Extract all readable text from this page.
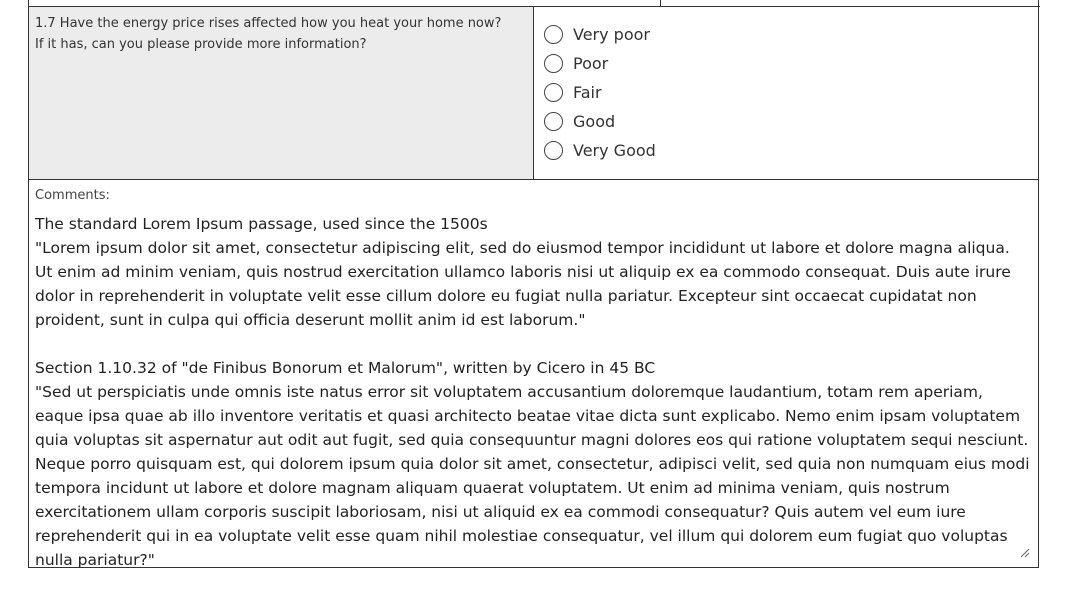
1.7 Have the energy price rises affected how you heat your home now?
If it has, can you please provide more information?
Very poor
Poor
Fair
Good
Very Good
Comments:
The standard Lorem Ipsum passage, used since the 1500s
"Lorem ipsum dolor sit amet, consectetur adipiscing elit, sed do eiusmod tempor incididunt ut labore et dolore magna aliqua. Ut enim ad minim veniam, quis nostrud exercitation ullamco laboris nisi ut aliquip ex ea commodo consequat. Duis aute irure dolor in reprehenderit in voluptate velit esse cillum dolore eu fugiat nulla pariatur. Excepteur sint occaecat cupidatat non proident, sunt in culpa qui officia deserunt mollit anim id est laborum."

Section 1.10.32 of "de Finibus Bonorum et Malorum", written by Cicero in 45 BC
"Sed ut perspiciatis unde omnis iste natus error sit voluptatem accusantium doloremque laudantium, totam rem aperiam, eaque ipsa quae ab illo inventore veritatis et quasi architecto beatae vitae dicta sunt explicabo. Nemo enim ipsam voluptatem quia voluptas sit aspernatur aut odit aut fugit, sed quia consequuntur magni dolores eos qui ratione voluptatem sequi nesciunt. Neque porro quisquam est, qui dolorem ipsum quia dolor sit amet, consectetur, adipisci velit, sed quia non numquam eius modi tempora incidunt ut labore et dolore magnam aliquam quaerat voluptatem. Ut enim ad minima veniam, quis nostrum exercitationem ullam corporis suscipit laboriosam, nisi ut aliquid ex ea commodi consequatur? Quis autem vel eum iure reprehenderit qui in ea voluptate velit esse quam nihil molestiae consequatur, vel illum qui dolorem eum fugiat quo voluptas nulla pariatur?"
